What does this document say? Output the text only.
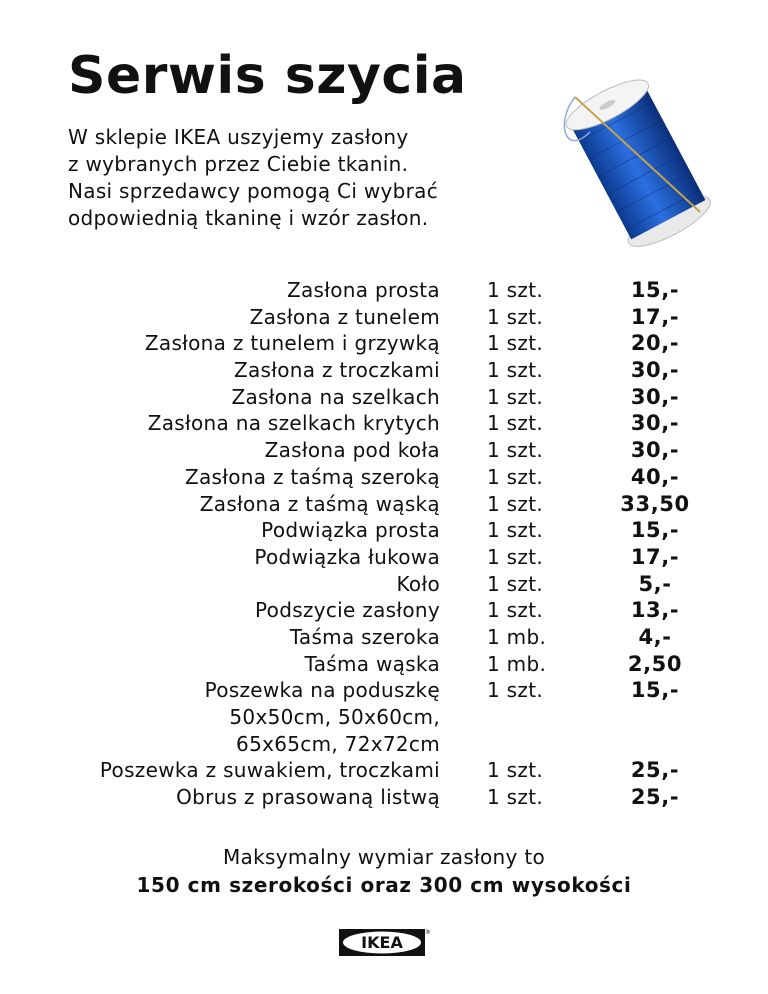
Serwis szycia
W sklepie IKEA uszyjemy zasłony
z wybranych przez Ciebie tkanin.
Nasi sprzedawcy pomogą Ci wybrać
odpowiednią tkaninę i wzór zasłon.
Zasłona prosta 1 szt.	15,-
Zasłona z tunelem 1 szt.	17,-
Zasłona z tunelem i grzywką 1 szt.	20,-
Zasłona z troczkami 1 szt.	30,-
Zasłona na szelkach 1 szt.	30,-
Zasłona na szelkach krytych 1 szt.	30,-
Zasłona pod koła 1 szt.	30,-
Zasłona z taśmą szeroką 1 szt.	40,-
Zasłona z taśmą wąską 1 szt.	33,50
Podwiązka prosta 1 szt.	15,-
Podwiązka łukowa 1 szt.	17,-
Koło 1 szt.	5,-
Podszycie zasłony 1 szt.	13,-
Taśma szeroka 1 mb.	4,-
Taśma wąska 1 mb.	2,50
Poszewka na poduszkę 1 szt.	15,-
50x50cm, 50x60cm,
65x65cm, 72x72cm
Poszewka z suwakiem, troczkami 1 szt.	25,-
Obrus z prasowaną listwą 1 szt.	25,-
Maksymalny wymiar zasłony to
150 cm szerokości oraz 300 cm wysokości
IKEA
®
